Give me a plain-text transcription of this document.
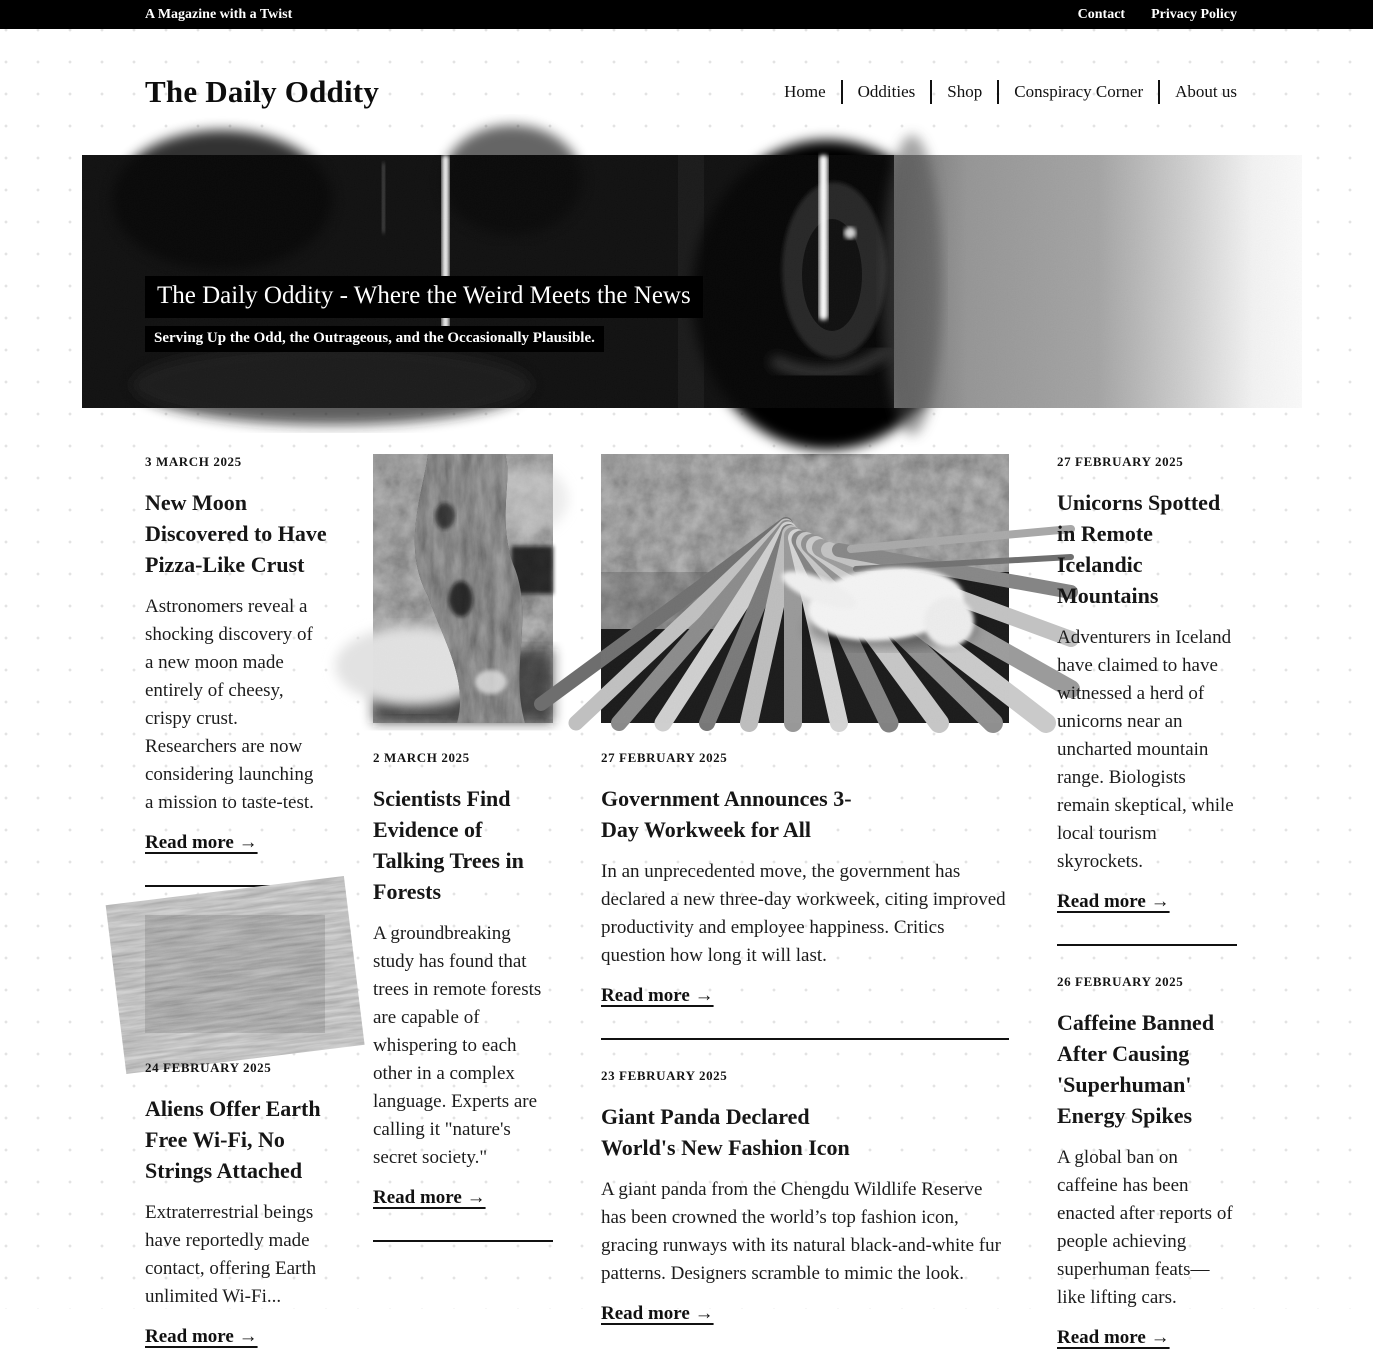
A Magazine with a Twist	Contact Privacy Policy
The Daily Oddity	Home	Oddities	Shop	Conspiracy Corner	About us
The Daily Oddity - Where the Weird Meets the News
Serving Up the Odd, the Outrageous, and the Occasionally Plausible.

3 MARCH 2025

New Moon Discovered to Have Pizza-Like Crust

Astronomers reveal a shocking discovery of a new moon made entirely of cheesy, crispy crust. Researchers are now considering launching a mission to taste-test.

Read more →

24 FEBRUARY 2025

Aliens Offer Earth Free Wi-Fi, No Strings Attached

Extraterrestrial beings have reportedly made contact, offering Earth unlimited Wi-Fi...

Read more →

2 MARCH 2025

Scientists Find Evidence of Talking Trees in Forests

A groundbreaking study has found that trees in remote forests are capable of whispering to each other in a complex language. Experts are calling it "nature's secret society."

Read more →

27 FEBRUARY 2025

Government Announces 3-Day Workweek for All

In an unprecedented move, the government has declared a new three-day workweek, citing improved productivity and employee happiness. Critics question how long it will last.

Read more →

23 FEBRUARY 2025

Giant Panda Declared World's New Fashion Icon

A giant panda from the Chengdu Wildlife Reserve has been crowned the world’s top fashion icon, gracing runways with its natural black-and-white fur patterns. Designers scramble to mimic the look.

Read more →

27 FEBRUARY 2025

Unicorns Spotted in Remote Icelandic Mountains

Adventurers in Iceland have claimed to have witnessed a herd of unicorns near an uncharted mountain range. Biologists remain skeptical, while local tourism skyrockets.

Read more →

26 FEBRUARY 2025

Caffeine Banned After Causing 'Superhuman' Energy Spikes

A global ban on caffeine has been enacted after reports of people achieving superhuman feats—like lifting cars.

Read more →
